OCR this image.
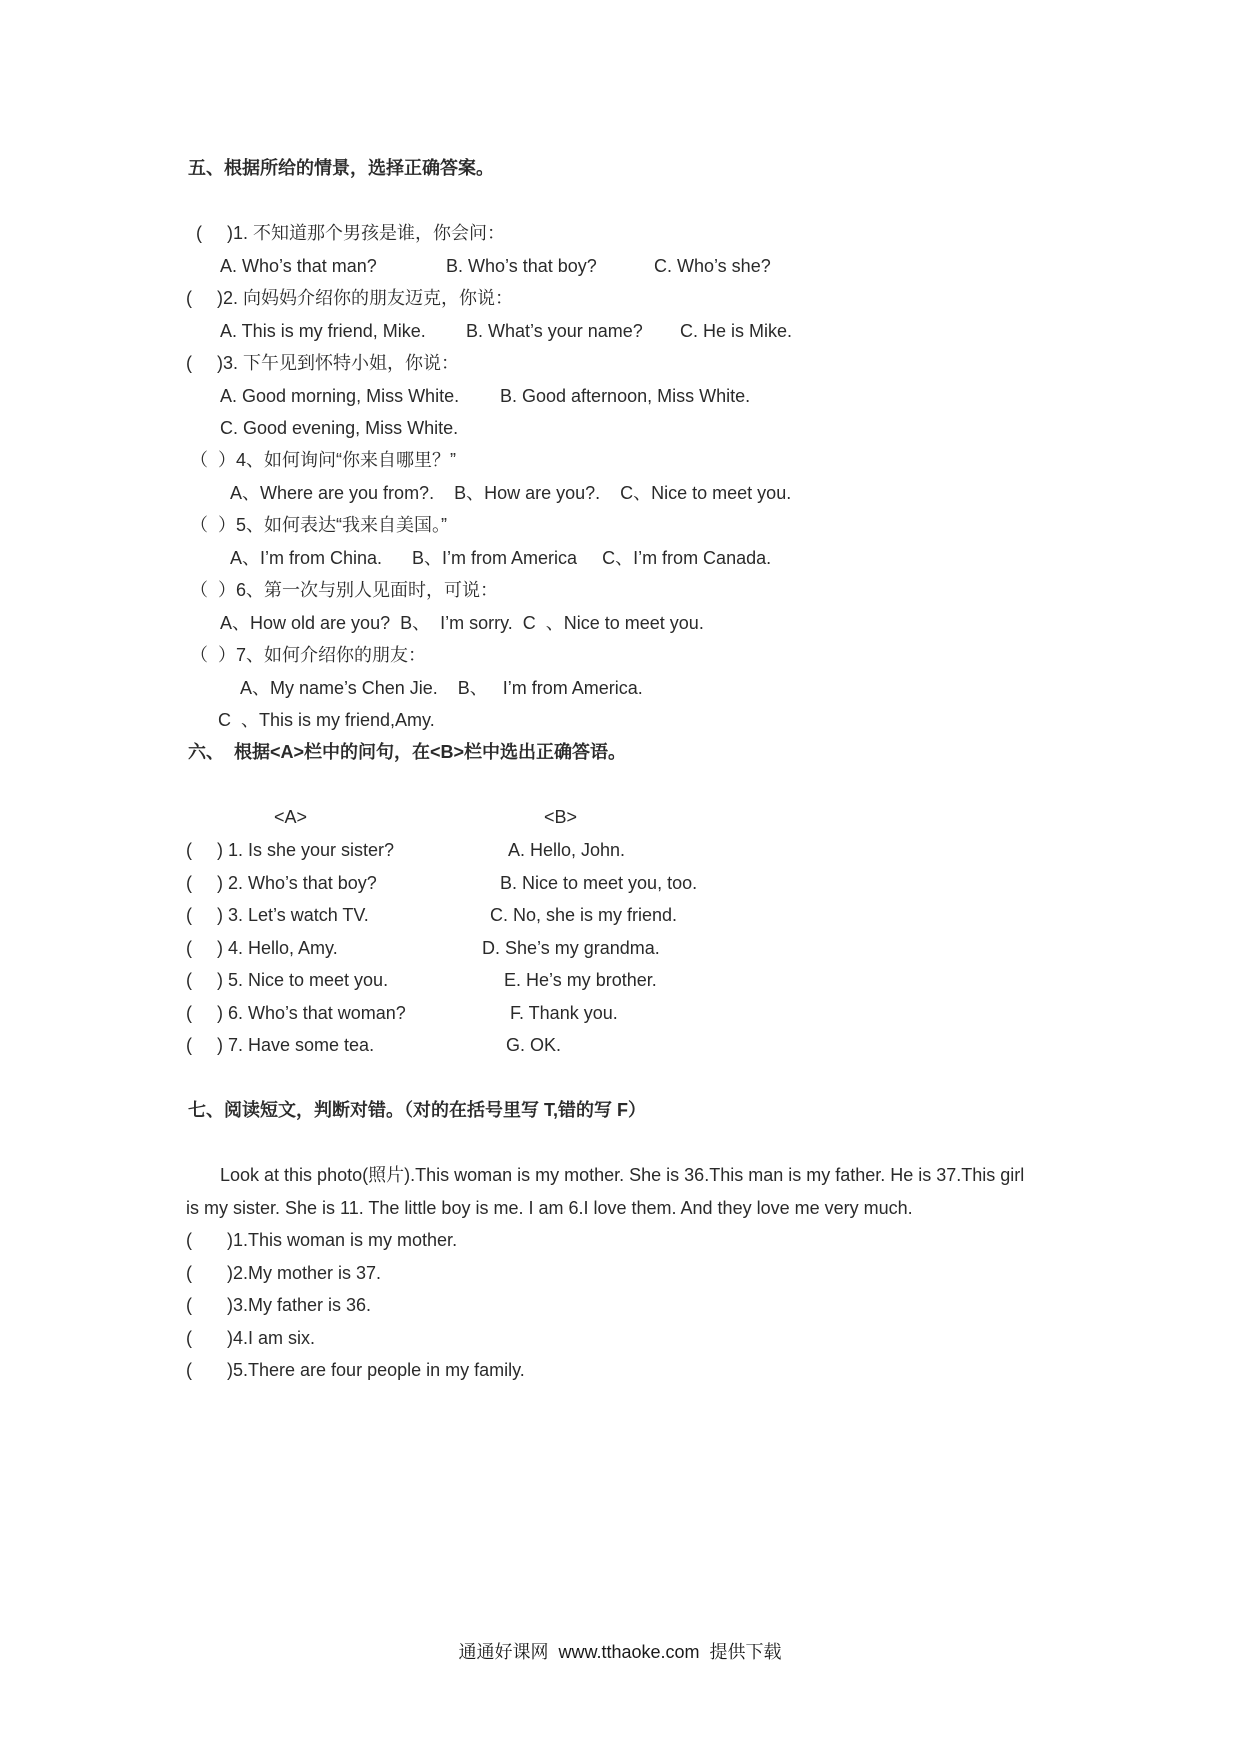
五、根据所给的情景，选择正确答案。
(     )1. 不知道那个男孩是谁，你会问：
A. Who’s that man?	B. Who’s that boy?	C. Who’s she?
(     )2. 向妈妈介绍你的朋友迈克，你说：
A. This is my friend, Mike. B. What’s your name? C. He is Mike.
(     )3. 下午见到怀特小姐，你说：
A. Good morning, Miss White. B. Good afternoon, Miss White.
C. Good evening, Miss White.
（  ）4、如何询问“你来自哪里？”
A、Where are you from?.    B、How are you?.    C、Nice to meet you.
（  ）5、如何表达“我来自美国。”
A、I’m from China.      B、I’m from America     C、I’m from Canada.
（  ）6、第一次与别人见面时，可说：
A、How old are you?  B、  I’m sorry.  C  、Nice to meet you.
（  ）7、如何介绍你的朋友：
A、My name’s Chen Jie.    B、   I’m from America.
C  、This is my friend,Amy.
六、  根据<A>栏中的问句，在<B>栏中选出正确答语。
<A>	<B>
(     ) 1. Is she your sister?	A. Hello, John.
(     ) 2. Who’s that boy?	B. Nice to meet you, too.
(     ) 3. Let’s watch TV.	C. No, she is my friend.
(     ) 4. Hello, Amy.	D. She’s my grandma.
(     ) 5. Nice to meet you.	E. He’s my brother.
(     ) 6. Who’s that woman?	F. Thank you.
(     ) 7. Have some tea.	G. OK.
七、阅读短文，判断对错。（对的在括号里写 T,错的写 F）
Look at this photo(照片).This woman is my mother. She is 36.This man is my father. He is 37.This girl
is my sister. She is 11. The little boy is me. I am 6.I love them. And they love me very much.
(       )1.This woman is my mother.
(       )2.My mother is 37.
(       )3.My father is 36.
(       )4.I am six.
(       )5.There are four people in my family.
通通好课网  www.tthaoke.com  提供下载
